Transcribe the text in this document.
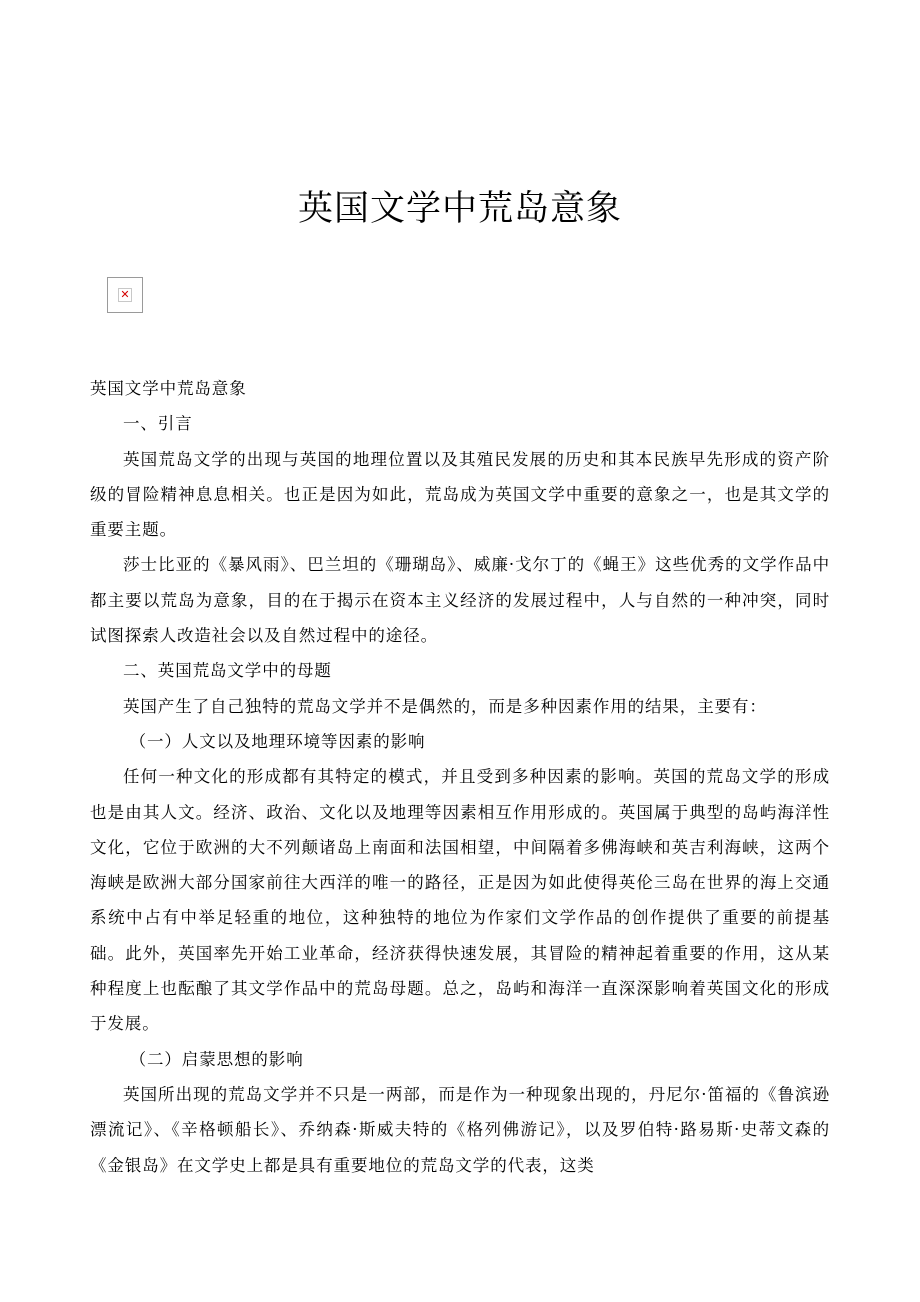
英国文学中荒岛意象
✕

英国文学中荒岛意象

一、引言

英国荒岛文学的出现与英国的地理位置以及其殖民发展的历史和其本民族早先形成的资产阶级的冒险精神息息相关。也正是因为如此，荒岛成为英国文学中重要的意象之一，也是其文学的重要主题。

莎士比亚的《暴风雨》、巴兰坦的《珊瑚岛》、威廉·戈尔丁的《蝇王》这些优秀的文学作品中都主要以荒岛为意象，目的在于揭示在资本主义经济的发展过程中，人与自然的一种冲突，同时试图探索人改造社会以及自然过程中的途径。

二、英国荒岛文学中的母题

英国产生了自己独特的荒岛文学并不是偶然的，而是多种因素作用的结果，主要有：

（一）人文以及地理环境等因素的影响

任何一种文化的形成都有其特定的模式，并且受到多种因素的影响。英国的荒岛文学的形成也是由其人文。经济、政治、文化以及地理等因素相互作用形成的。英国属于典型的岛屿海洋性文化，它位于欧洲的大不列颠诸岛上南面和法国相望，中间隔着多佛海峡和英吉利海峡，这两个海峡是欧洲大部分国家前往大西洋的唯一的路径，正是因为如此使得英伦三岛在世界的海上交通系统中占有中举足轻重的地位，这种独特的地位为作家们文学作品的创作提供了重要的前提基础。此外，英国率先开始工业革命，经济获得快速发展，其冒险的精神起着重要的作用，这从某种程度上也酝酿了其文学作品中的荒岛母题。总之，岛屿和海洋一直深深影响着英国文化的形成于发展。

（二）启蒙思想的影响

英国所出现的荒岛文学并不只是一两部，而是作为一种现象出现的，丹尼尔·笛福的《鲁滨逊漂流记》、《辛格顿船长》、乔纳森·斯威夫特的《格列佛游记》，以及罗伯特·路易斯·史蒂文森的《金银岛》在文学史上都是具有重要地位的荒岛文学的代表，这类
